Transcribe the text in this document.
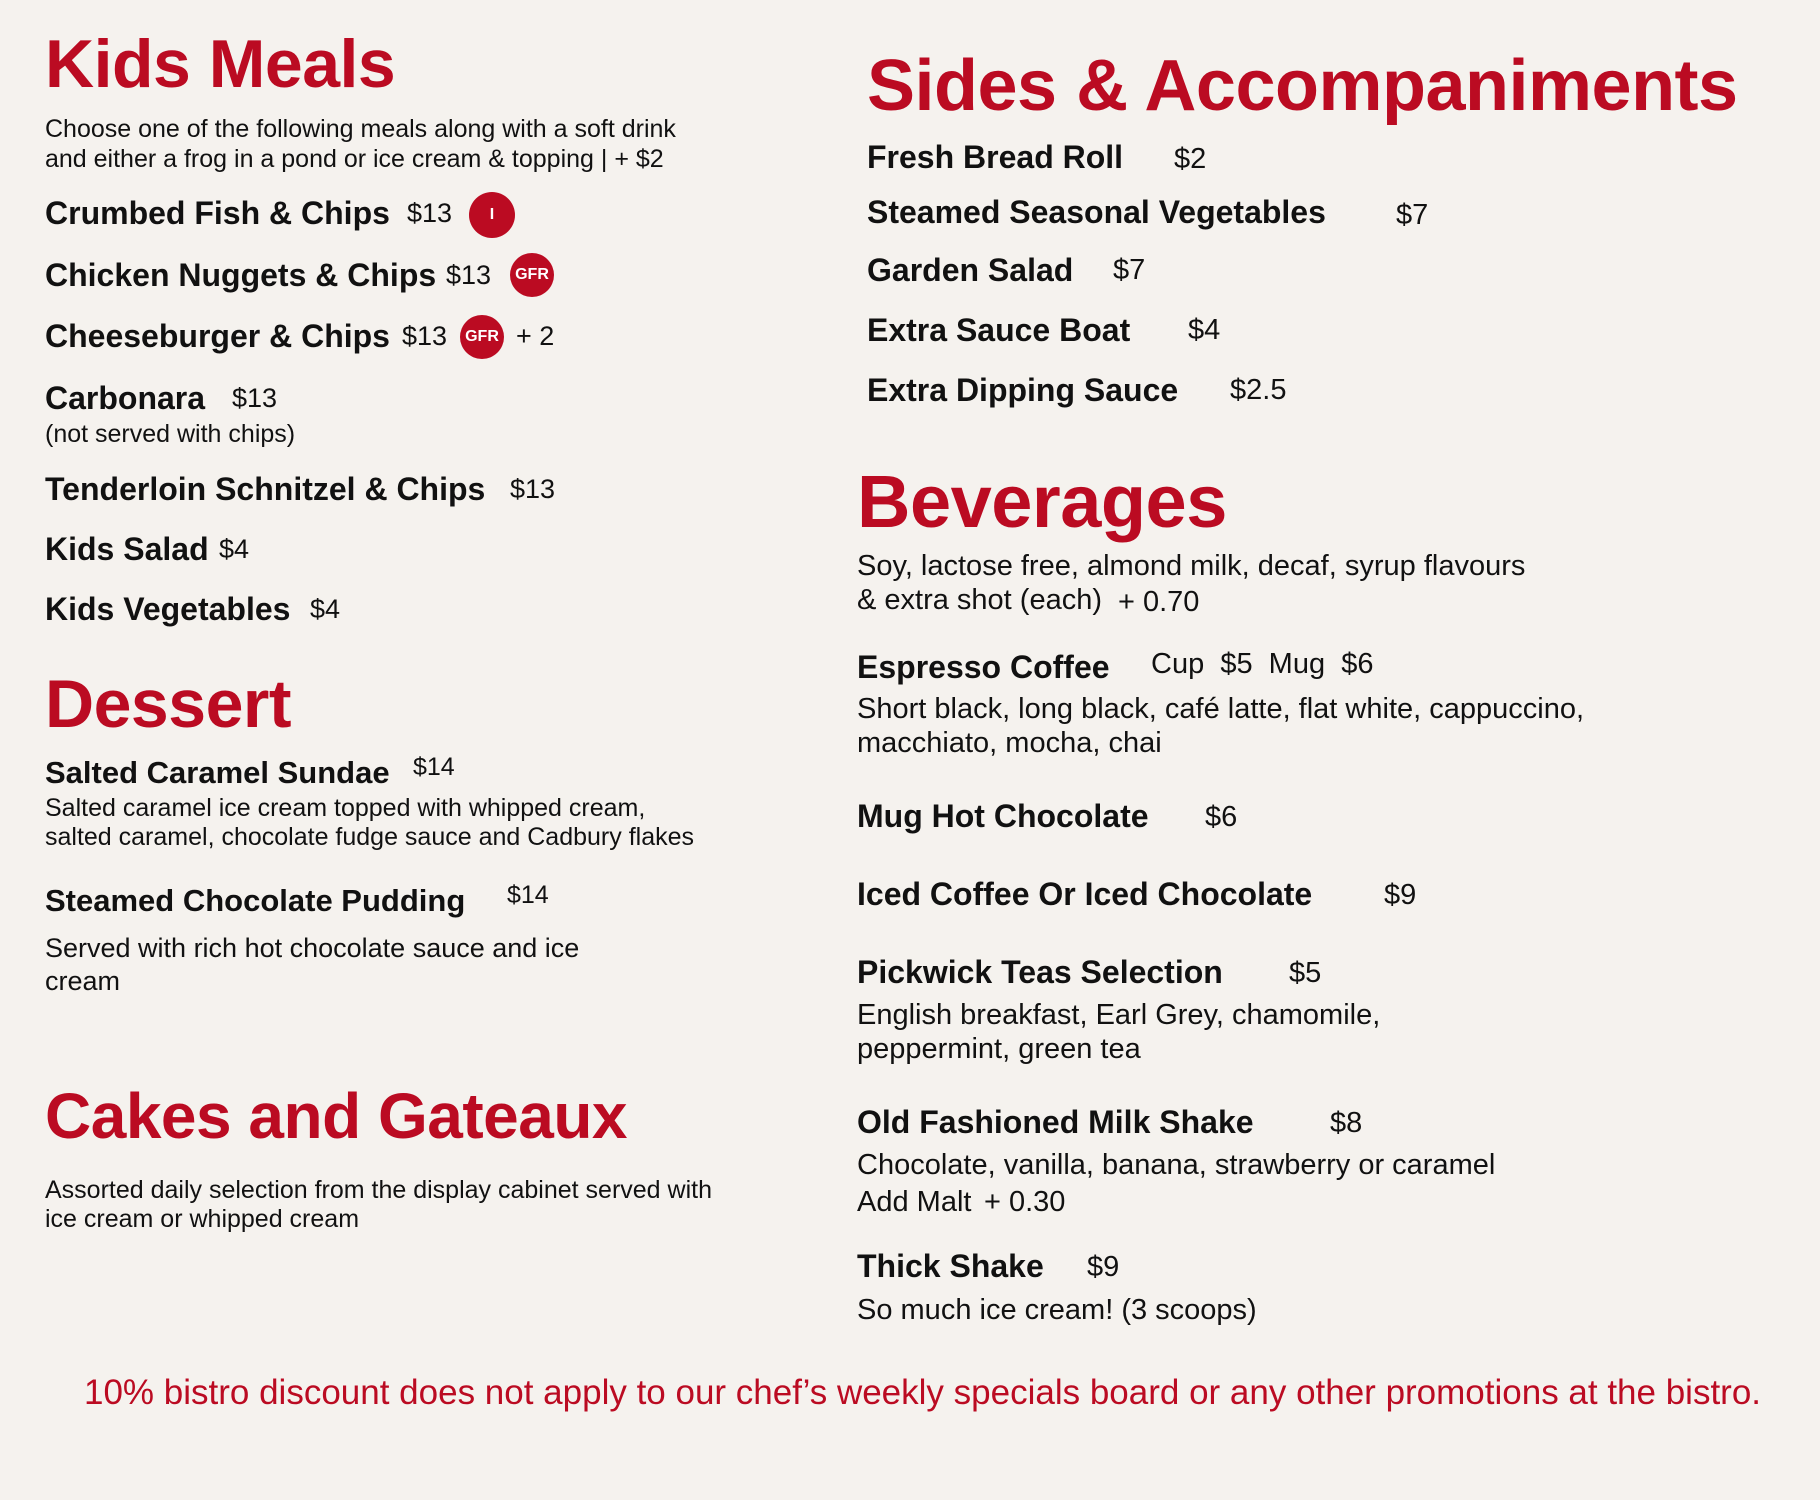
Kids Meals
Choose one of the following meals along with a soft drink
and either a frog in a pond or ice cream & topping | + $2
Crumbed Fish & Chips $13	I
Chicken Nuggets & Chips $13	GFR
Cheeseburger & Chips $13	GFR + 2
Carbonara $13
(not served with chips)
Tenderloin Schnitzel & Chips $13
Kids Salad $4
Kids Vegetables $4
Dessert
Salted Caramel Sundae $14
Salted caramel ice cream topped with whipped cream,
salted caramel, chocolate fudge sauce and Cadbury flakes
Steamed Chocolate Pudding $14
Served with rich hot chocolate sauce and ice
cream
Cakes and Gateaux
Assorted daily selection from the display cabinet served with
ice cream or whipped cream
Sides & Accompaniments
Fresh Bread Roll $2
Steamed Seasonal Vegetables $7
Garden Salad $7
Extra Sauce Boat $4
Extra Dipping Sauce $2.5
Beverages
Soy, lactose free, almond milk, decaf, syrup flavours
& extra shot (each) + 0.70
Espresso Coffee Cup  $5  Mug  $6
Short black, long black, café latte, flat white, cappuccino,
macchiato, mocha, chai
Mug Hot Chocolate $6
Iced Coffee Or Iced Chocolate $9
Pickwick Teas Selection $5
English breakfast, Earl Grey, chamomile,
peppermint, green tea
Old Fashioned Milk Shake	$8
Chocolate, vanilla, banana, strawberry or caramel
Add Malt + 0.30
Thick Shake $9
So much ice cream! (3 scoops)
10% bistro discount does not apply to our chef’s weekly specials board or any other promotions at the bistro.
